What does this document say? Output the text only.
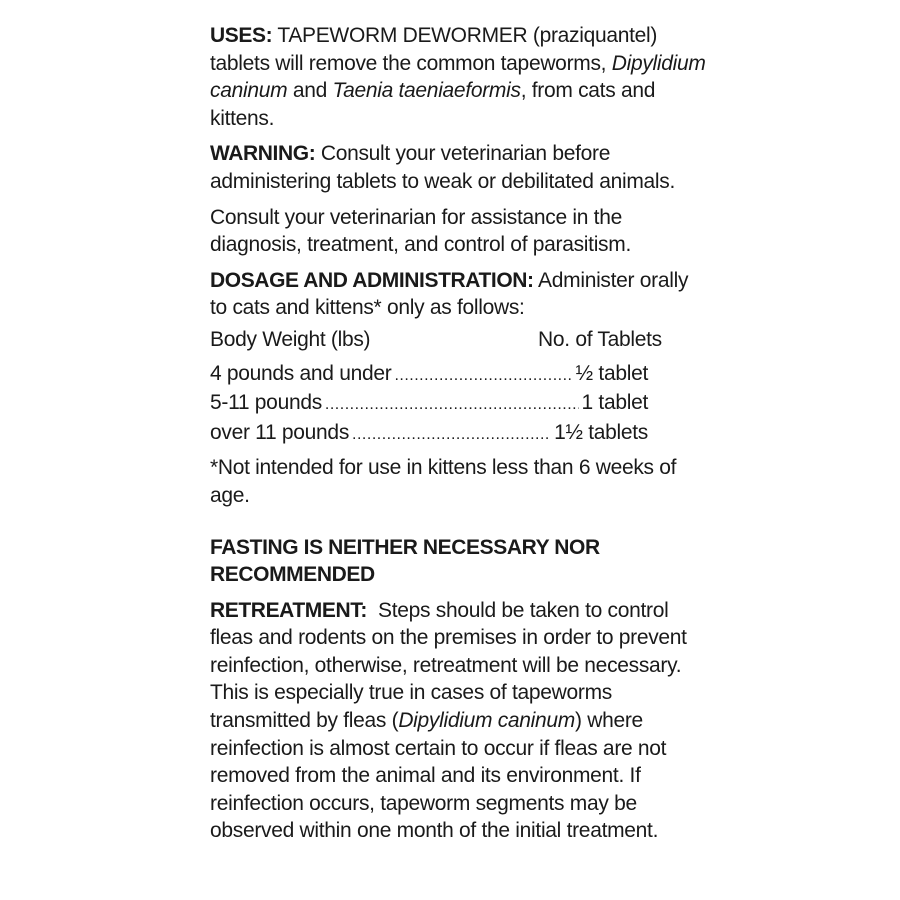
USES: TAPEWORM DEWORMER (praziquantel) tablets will remove the common tapeworms, Dipylidium caninum and Taenia taeniaeformis, from cats and kittens.

WARNING: Consult your veterinarian before administering tablets to weak or debilitated animals.

Consult your veterinarian for assistance in the diagnosis, treatment, and control of parasitism.

DOSAGE AND ADMINISTRATION: Administer orally to cats and kittens* only as follows:

Body Weight (lbs)	No. of Tablets
4 pounds and under .....	½ tablet
5-11 pounds .....	1 tablet
over 11 pounds .....	1½ tablets

*Not intended for use in kittens less than 6 weeks of age.

FASTING IS NEITHER NECESSARY NOR RECOMMENDED

RETREATMENT: Steps should be taken to control fleas and rodents on the premises in order to prevent reinfection, otherwise, retreatment will be necessary. This is especially true in cases of tapeworms transmitted by fleas (Dipylidium caninum) where reinfection is almost certain to occur if fleas are not removed from the animal and its environment. If reinfection occurs, tapeworm segments may be observed within one month of the initial treatment.
